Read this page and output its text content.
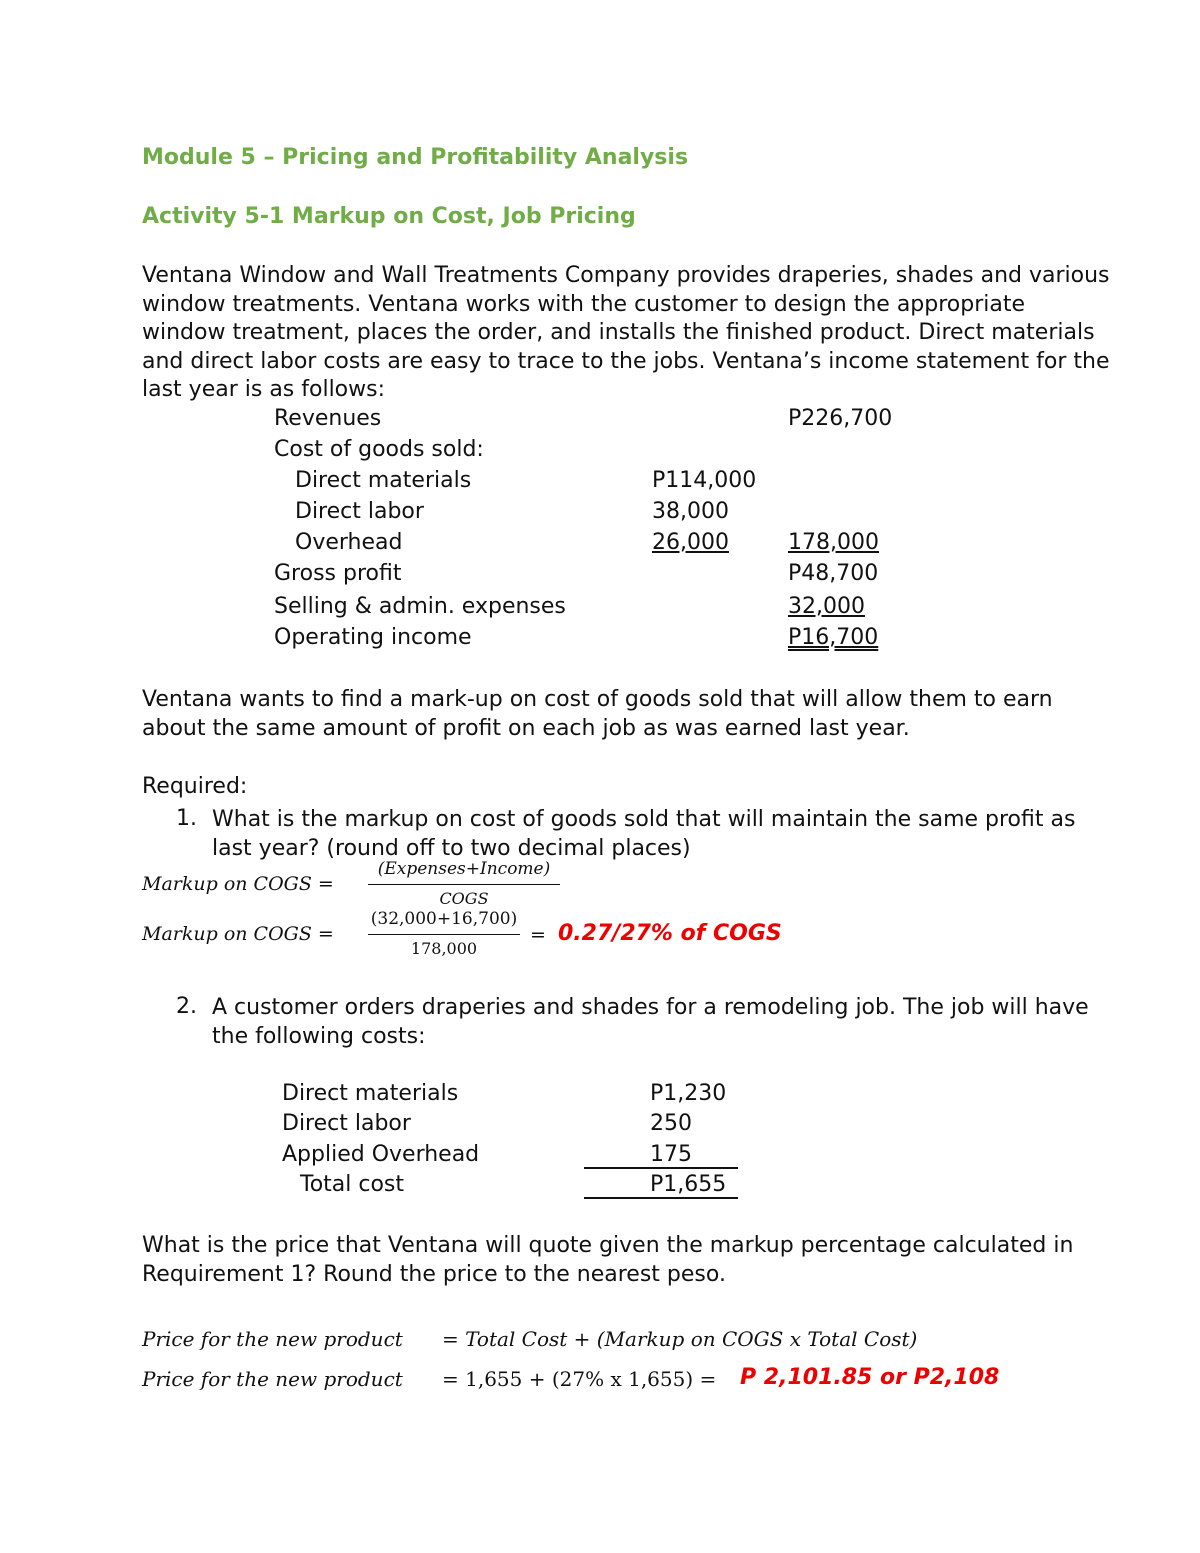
Module 5 – Pricing and Profitability Analysis
Activity 5-1 Markup on Cost, Job Pricing
Ventana Window and Wall Treatments Company provides draperies, shades and various
window treatments. Ventana works with the customer to design the appropriate
window treatment, places the order, and installs the finished product. Direct materials
and direct labor costs are easy to trace to the jobs. Ventana’s income statement for the
last year is as follows:
Revenues	P226,700
Cost of goods sold:
Direct materials	P114,000
Direct labor	38,000
Overhead	26,000	178,000
Gross profit	P48,700
Selling & admin. expenses	32,000
Operating income	P16,700
Ventana wants to find a mark-up on cost of goods sold that will allow them to earn
about the same amount of profit on each job as was earned last year.
Required:
1. What is the markup on cost of goods sold that will maintain the same profit as
last year? (round off to two decimal places)
Markup on COGS =
(Expenses+Income)
COGS
Markup on COGS =
(32,000+16,700)
178,000
= 0.27/27% of COGS
2. A customer orders draperies and shades for a remodeling job. The job will have
the following costs:
Direct materials	P1,230
Direct labor	250
Applied Overhead	175
Total cost	P1,655
What is the price that Ventana will quote given the markup percentage calculated in
Requirement 1? Round the price to the nearest peso.
Price for the new product = Total Cost + (Markup on COGS x Total Cost)
Price for the new product = 1,655 + (27% x 1,655) = P 2,101.85 or P2,108
